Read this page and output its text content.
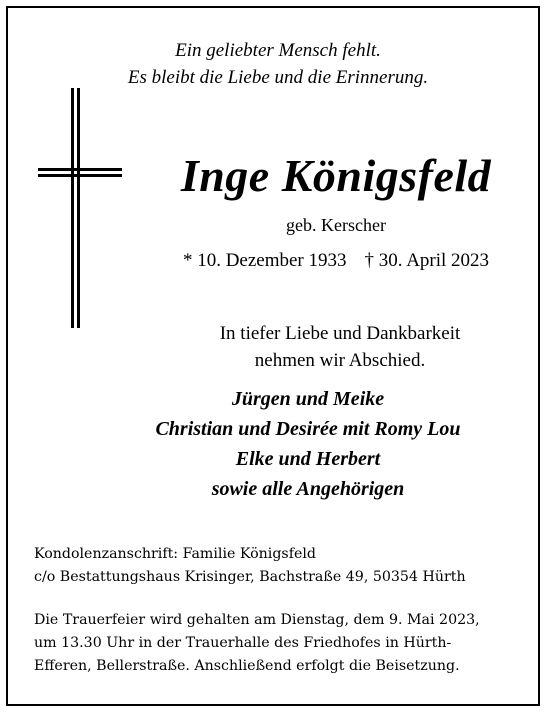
Ein geliebter Mensch fehlt.
Es bleibt die Liebe und die Erinnerung.
Inge Königsfeld
geb. Kerscher
* 10. Dezember 1933 † 30. April 2023
In tiefer Liebe und Dankbarkeit
nehmen wir Abschied.
Jürgen und Meike
Christian und Desirée mit Romy Lou
Elke und Herbert
sowie alle Angehörigen
Kondolenzanschrift: Familie Königsfeld
c/o Bestattungshaus Krisinger, Bachstraße 49, 50354 Hürth
Die Trauerfeier wird gehalten am Dienstag, dem 9. Mai 2023,
um 13.30 Uhr in der Trauerhalle des Friedhofes in Hürth-
Efferen, Bellerstraße. Anschließend erfolgt die Beisetzung.
